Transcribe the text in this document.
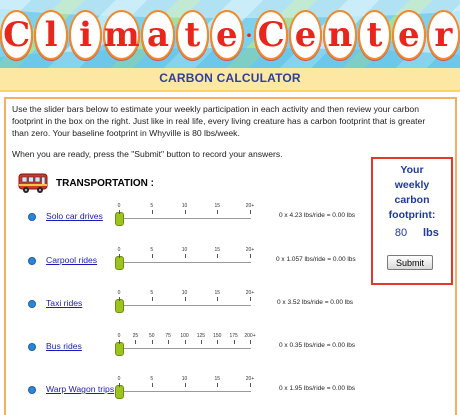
C l i m a t e · C e n t e r
CARBON CALCULATOR

Use the slider bars below to estimate your weekly participation in each activity and then review your carbon footprint in the box on the right. Just like in real life, every living creature has a carbon footprint that is greater than zero. Your baseline footprint in Whyville is 80 lbs/week.

When you are ready, press the "Submit" button to record your answers.

TRANSPORTATION :
Your
weekly
carbon
footprint:
80	lbs
Submit
Solo car drives	0 x 4.23 lbs/ride = 0.00 lbs
0	5	10	15	20+
Carpool rides	0 x 1.057 lbs/ride = 0.00 lbs
0	5	10	15	20+
Taxi rides	0 x 3.52 lbs/ride = 0.00 lbs
0	5	10	15	20+
Bus rides	0 x 0.35 lbs/ride = 0.00 lbs
0 25 50 75 100 125 150 175 200+
Warp Wagon trips	0 x 1.95 lbs/ride = 0.00 lbs
0	5	10	15	20+
